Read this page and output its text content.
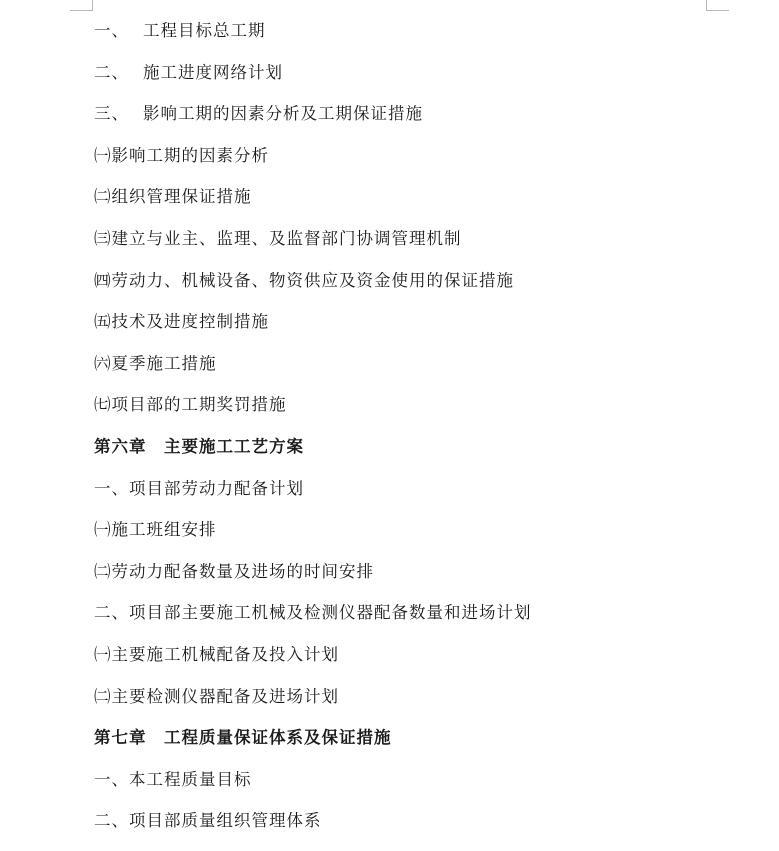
一、 工程目标总工期
二、 施工进度网络计划
三、 影响工期的因素分析及工期保证措施
㈠影响工期的因素分析
㈡组织管理保证措施
㈢建立与业主、监理、及监督部门协调管理机制
㈣劳动力、机械设备、物资供应及资金使用的保证措施
㈤技术及进度控制措施
㈥夏季施工措施
㈦项目部的工期奖罚措施
第六章　主要施工工艺方案
一、项目部劳动力配备计划
㈠施工班组安排
㈡劳动力配备数量及进场的时间安排
二、项目部主要施工机械及检测仪器配备数量和进场计划
㈠主要施工机械配备及投入计划
㈡主要检测仪器配备及进场计划
第七章　工程质量保证体系及保证措施
一、本工程质量目标
二、项目部质量组织管理体系
